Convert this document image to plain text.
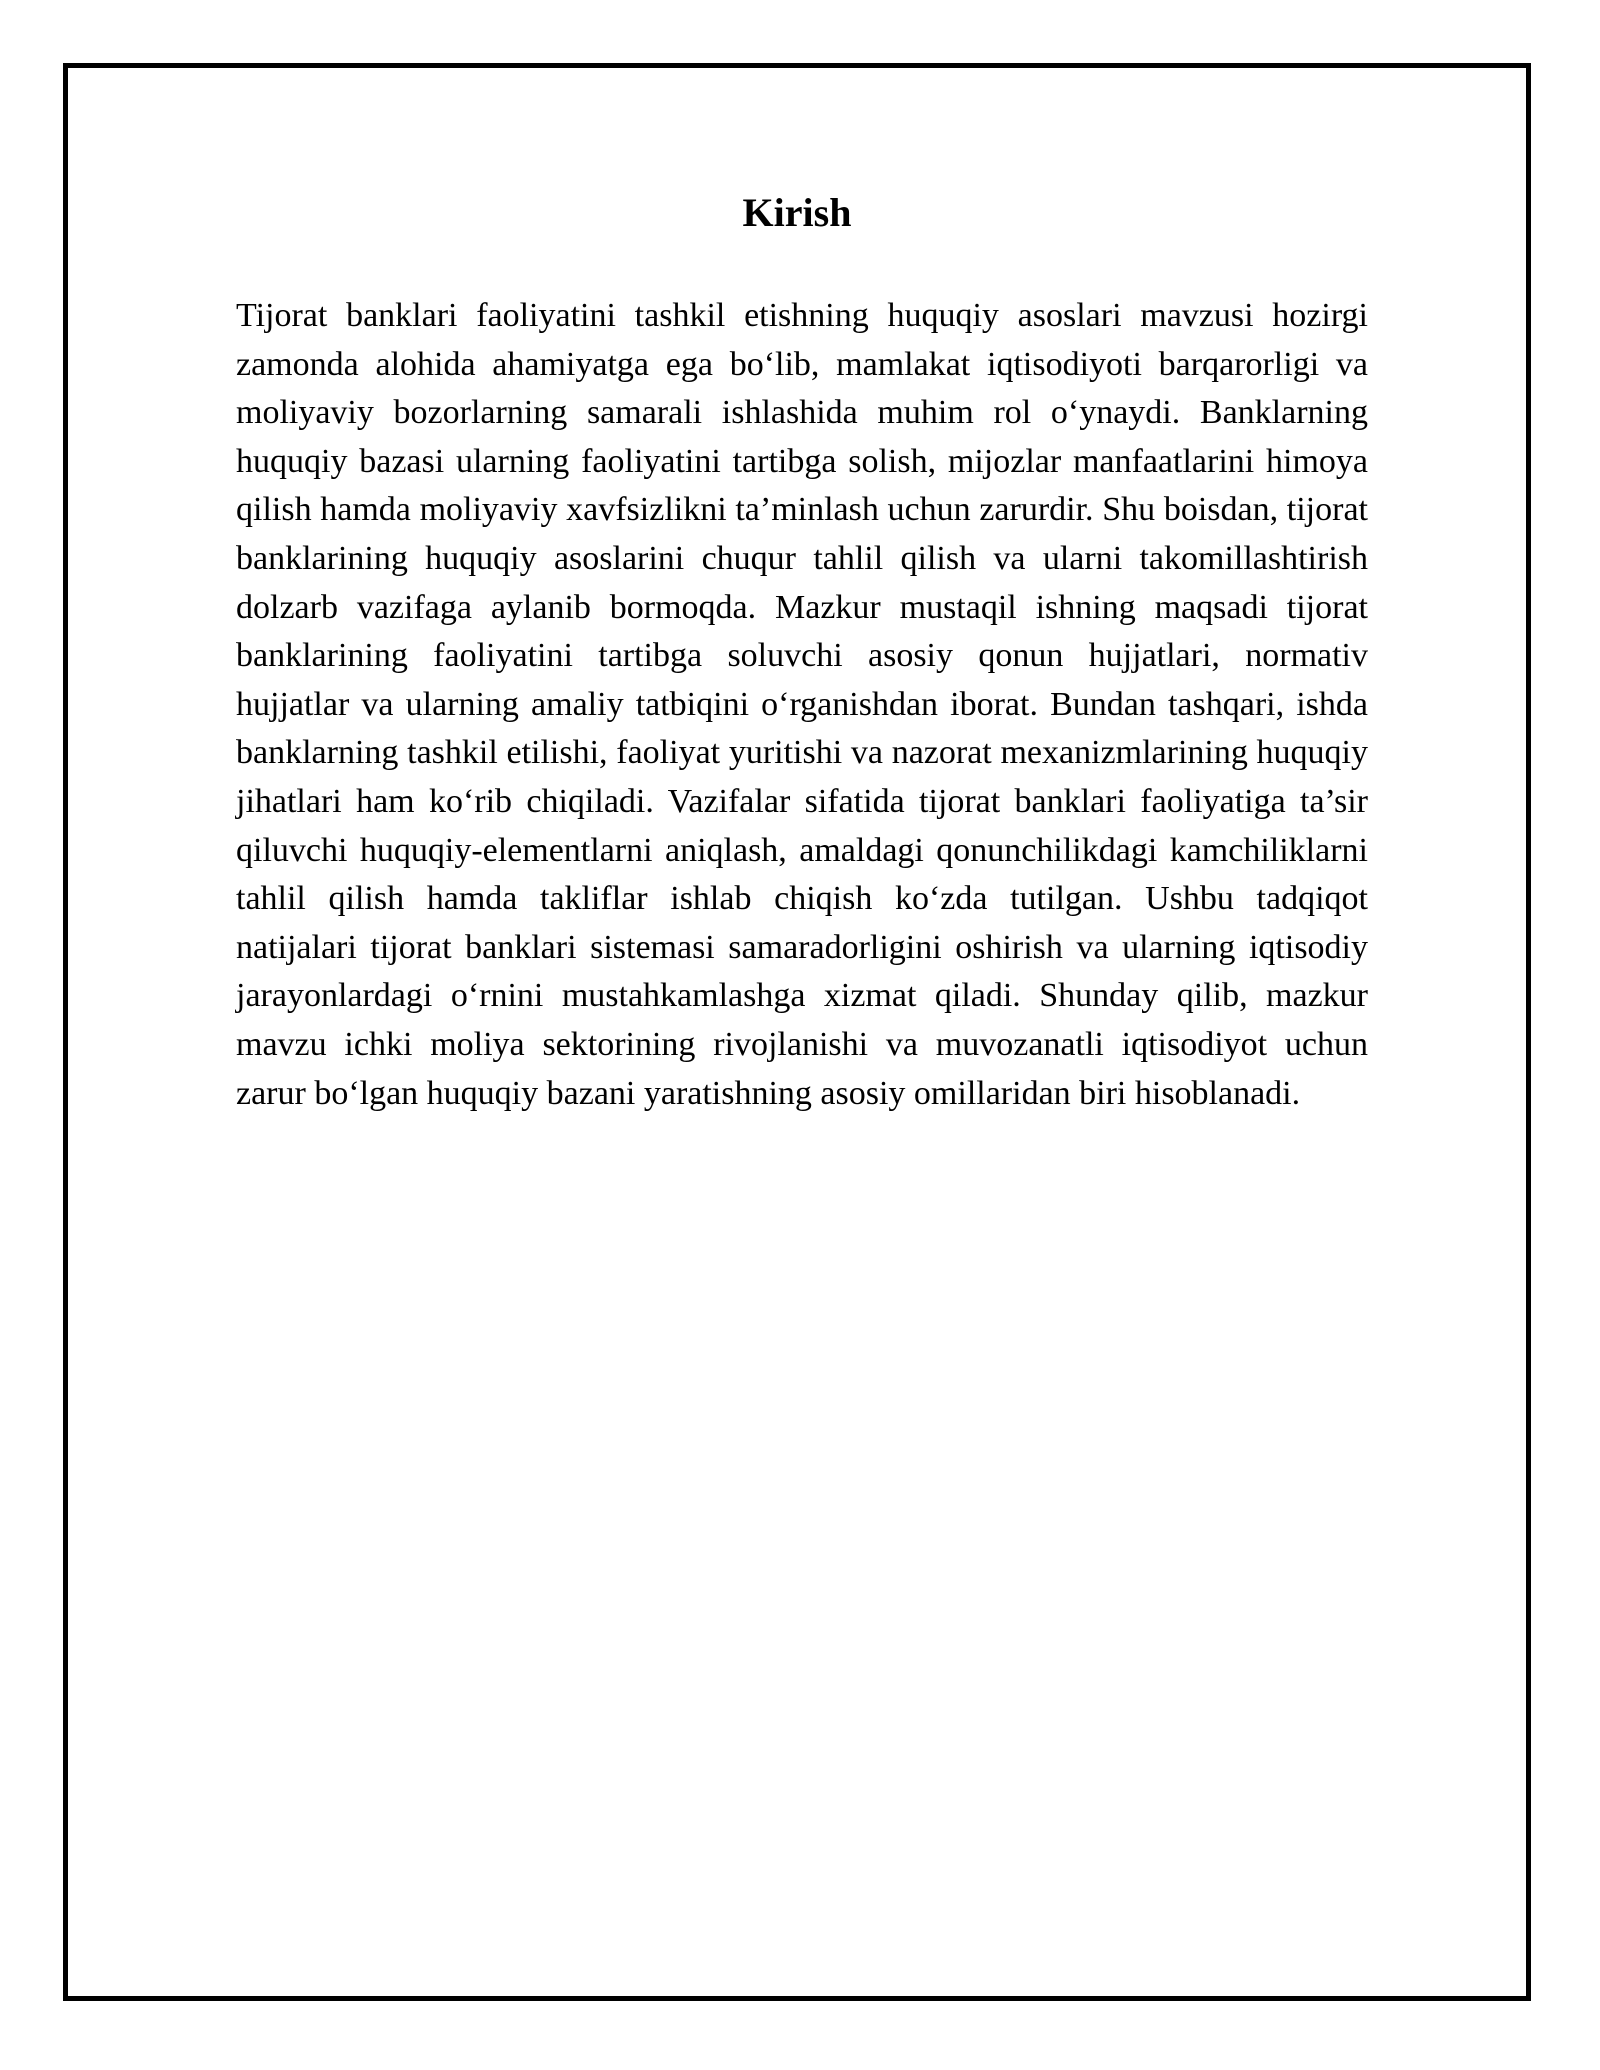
Kirish

Tijorat banklari faoliyatini tashkil etishning huquqiy asoslari mavzusi hozirgi zamonda alohida ahamiyatga ega bo‘lib, mamlakat iqtisodiyoti barqarorligi va moliyaviy bozorlarning samarali ishlashida muhim rol o‘ynaydi. Banklarning huquqiy bazasi ularning faoliyatini tartibga solish, mijozlar manfaatlarini himoya qilish hamda moliyaviy xavfsizlikni ta’minlash uchun zarurdir. Shu boisdan, tijorat banklarining huquqiy asoslarini chuqur tahlil qilish va ularni takomillashtirish dolzarb vazifaga aylanib bormoqda. Mazkur mustaqil ishning maqsadi tijorat banklarining faoliyatini tartibga soluvchi asosiy qonun hujjatlari, normativ hujjatlar va ularning amaliy tatbiqini o‘rganishdan iborat. Bundan tashqari, ishda banklarning tashkil etilishi, faoliyat yuritishi va nazorat mexanizmlarining huquqiy jihatlari ham ko‘rib chiqiladi. Vazifalar sifatida tijorat banklari faoliyatiga ta’sir qiluvchi huquqiy-elementlarni aniqlash, amaldagi qonunchilikdagi kamchiliklarni tahlil qilish hamda takliflar ishlab chiqish ko‘zda tutilgan. Ushbu tadqiqot natijalari tijorat banklari sistemasi samaradorligini oshirish va ularning iqtisodiy jarayonlardagi o‘rnini mustahkamlashga xizmat qiladi. Shunday qilib, mazkur mavzu ichki moliya sektorining rivojlanishi va muvozanatli iqtisodiyot uchun zarur bo‘lgan huquqiy bazani yaratishning asosiy omillaridan biri hisoblanadi.
